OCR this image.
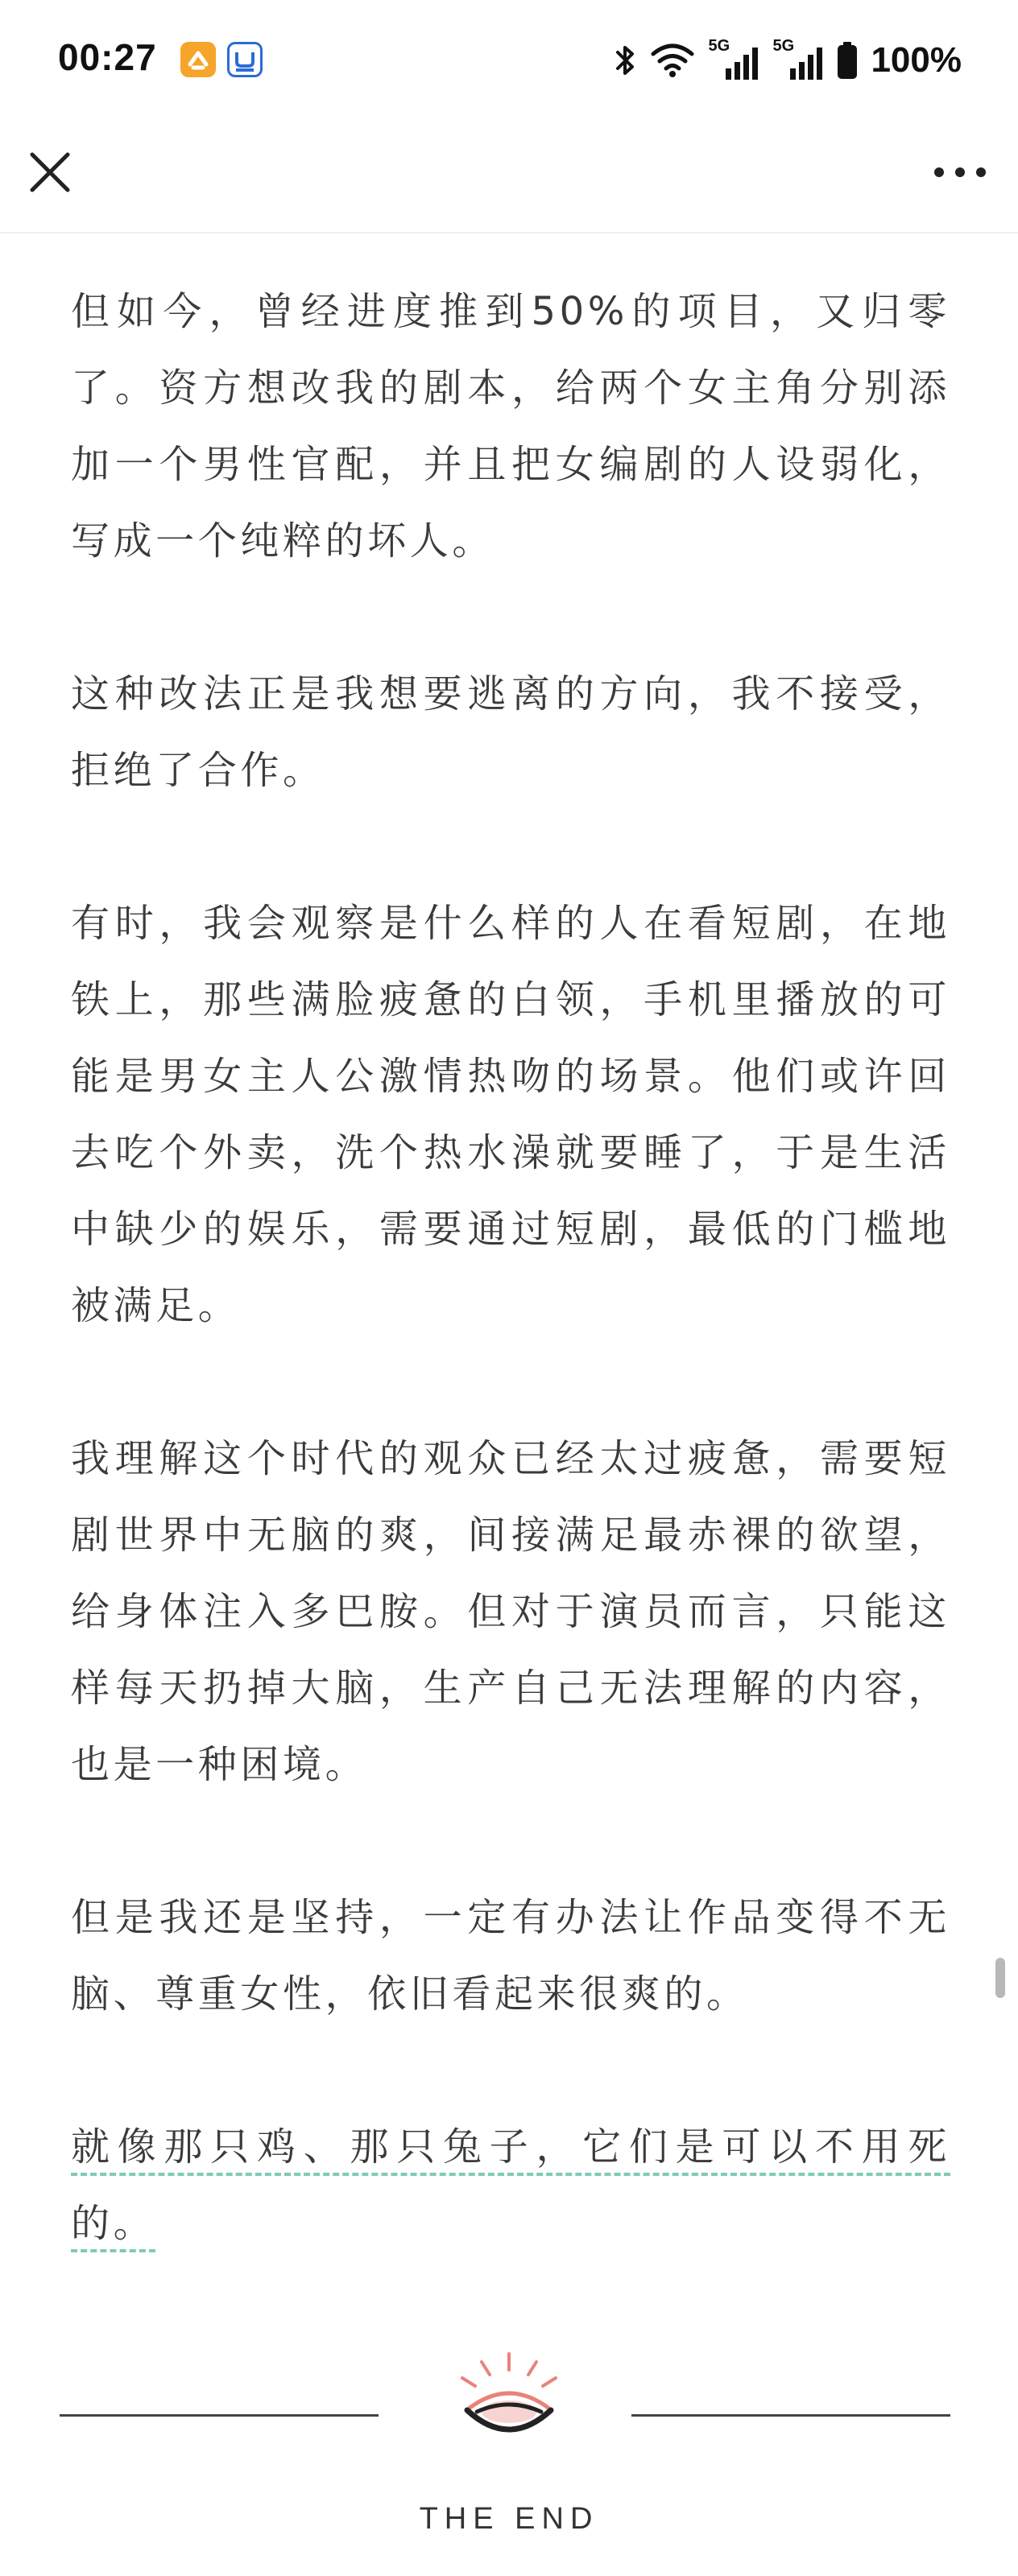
00:27	5G	5G 100%

但如今，曾经进度推到50%的项目，又归零了。资方想改我的剧本，给两个女主角分别添加一个男性官配，并且把女编剧的人设弱化，写成一个纯粹的坏人。

这种改法正是我想要逃离的方向，我不接受，拒绝了合作。

有时，我会观察是什么样的人在看短剧，在地铁上，那些满脸疲惫的白领，手机里播放的可能是男女主人公激情热吻的场景。他们或许回去吃个外卖，洗个热水澡就要睡了，于是生活中缺少的娱乐，需要通过短剧，最低的门槛地被满足。

我理解这个时代的观众已经太过疲惫，需要短剧世界中无脑的爽，间接满足最赤裸的欲望，给身体注入多巴胺。但对于演员而言，只能这样每天扔掉大脑，生产自己无法理解的内容，也是一种困境。

但是我还是坚持，一定有办法让作品变得不无脑、尊重女性，依旧看起来很爽的。

就像那只鸡、那只兔子，它们是可以不用死的。

THE END
